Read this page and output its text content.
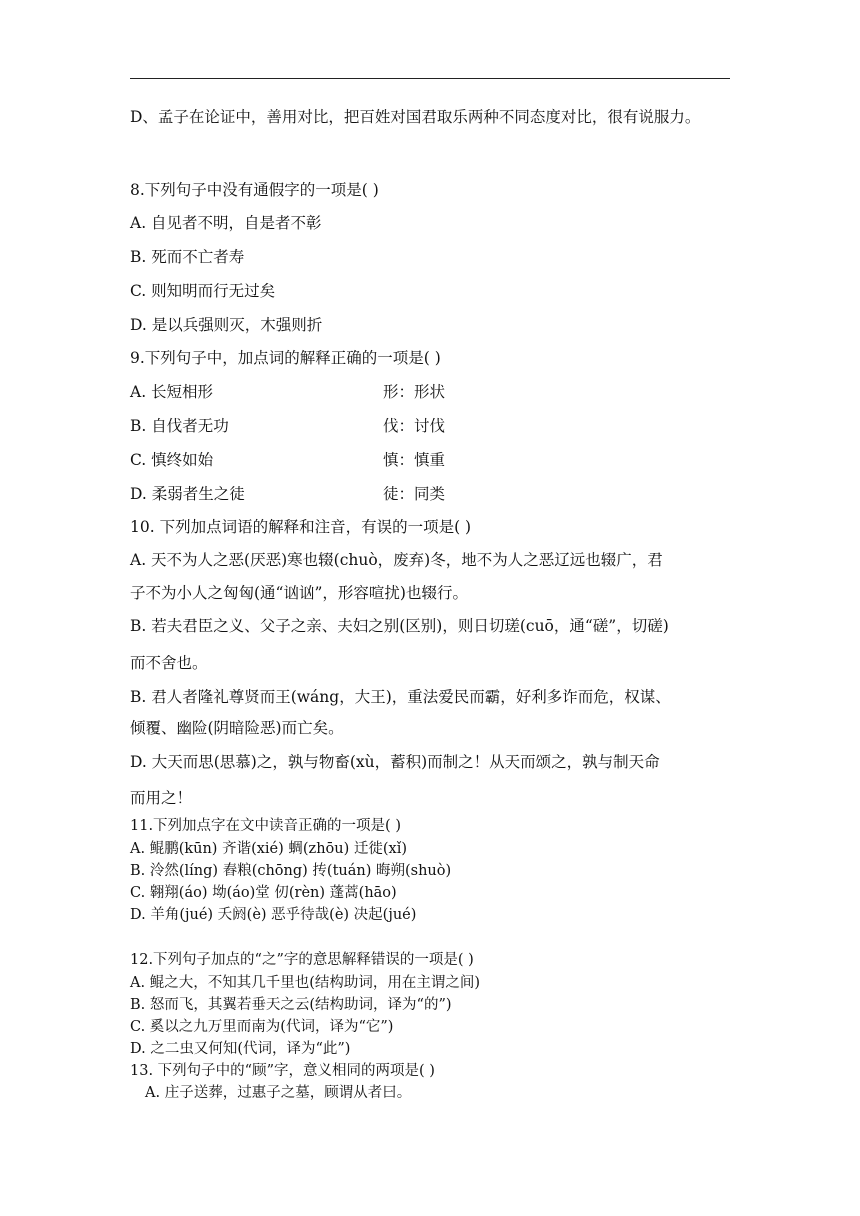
D、孟子在论证中，善用对比，把百姓对国君取乐两种不同态度对比，很有说服力。
8.下列句子中没有通假字的一项是( )
A. 自见者不明，自是者不彰
B. 死而不亡者寿
C. 则知明而行无过矣
D. 是以兵强则灭，木强则折
9.下列句子中，加点词的解释正确的一项是( )
A. 长短相形	形：形状
B. 自伐者无功	伐：讨伐
C. 慎终如始	慎：慎重
D. 柔弱者生之徒	徒：同类
10. 下列加点词语的解释和注音，有误的一项是( )
A. 天不为人之恶(厌恶)寒也辍(chuò，废弃)冬，地不为人之恶辽远也辍广，君
子不为小人之匈匈(通“讻讻”，形容喧扰)也辍行。
B. 若夫君臣之义、父子之亲、夫妇之别(区别)，则日切瑳(cuō，通“磋”，切磋)
而不舍也。
B. 君人者隆礼尊贤而王(wáng，大王)，重法爱民而霸，好利多诈而危，权谋、
倾覆、幽险(阴暗险恶)而亡矣。
D. 大天而思(思慕)之，孰与物畜(xù，蓄积)而制之！从天而颂之，孰与制天命
而用之！
11.下列加点字在文中读音正确的一项是( )
A. 鲲鹏(kūn) 齐谐(xié) 蜩(zhōu) 迁徙(xǐ)
B. 泠然(líng) 舂粮(chōng) 抟(tuán) 晦朔(shuò)
C. 翱翔(áo) 坳(áo)堂 仞(rèn) 蓬蒿(hāo)
D. 羊角(jué) 夭阏(è) 恶乎待哉(è) 决起(jué)
12.下列句子加点的“之”字的意思解释错误的一项是( )
A. 鲲之大，不知其几千里也(结构助词，用在主谓之间)
B. 怒而飞，其翼若垂天之云(结构助词，译为“的”)
C. 奚以之九万里而南为(代词，译为“它”)
D. 之二虫又何知(代词，译为“此”)
13. 下列句子中的“顾”字，意义相同的两项是( )
A. 庄子送葬，过惠子之墓，顾谓从者曰。
